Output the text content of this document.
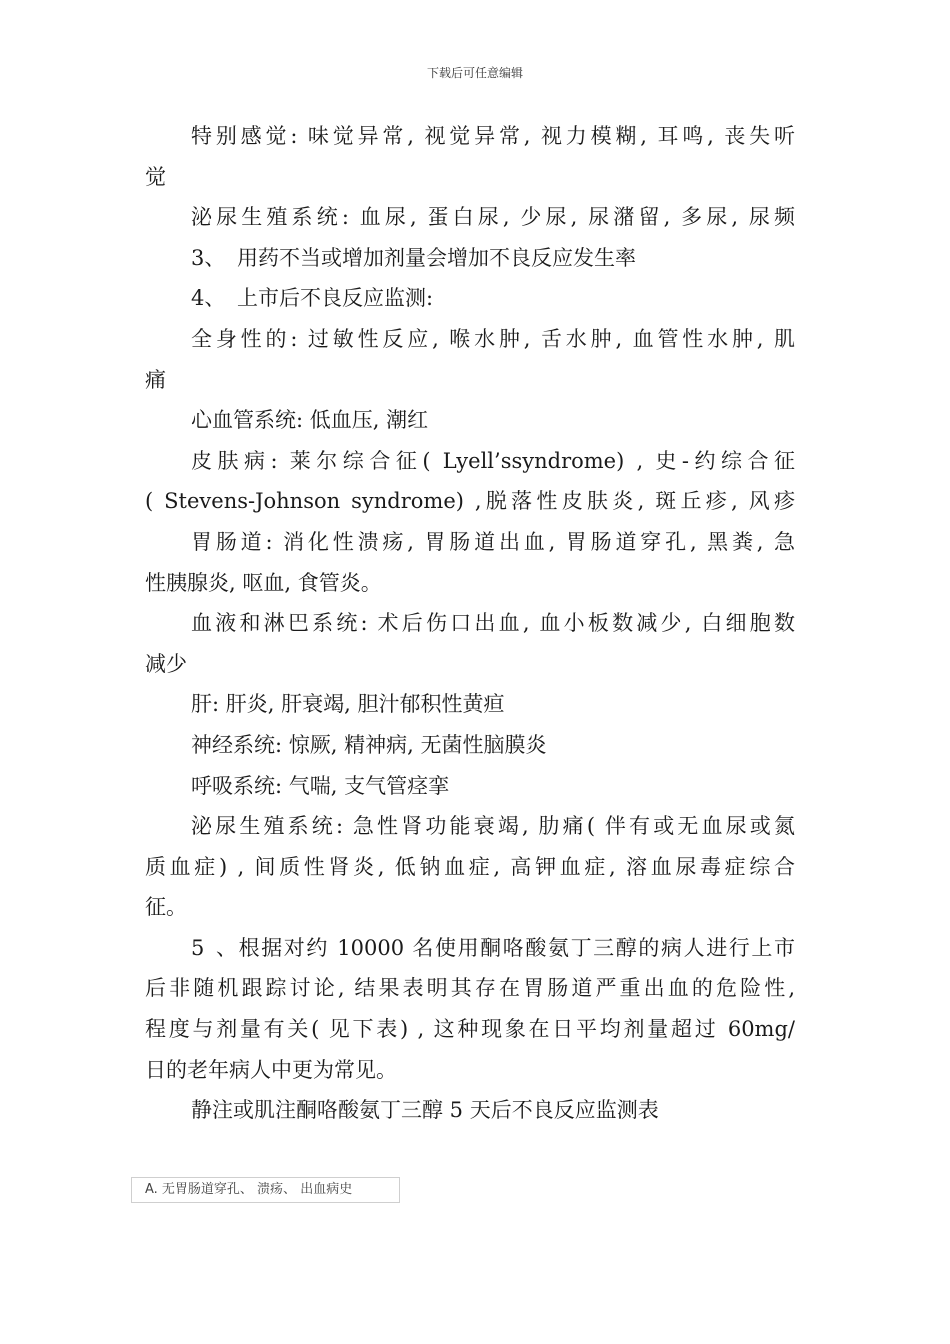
下载后可任意编辑
特别感觉: 味觉异常, 视觉异常, 视力模糊, 耳鸣, 丧失听
觉
泌尿生殖系统: 血尿, 蛋白尿, 少尿, 尿潴留, 多尿, 尿频
3、 用药不当或增加剂量会增加不良反应发生率
4、 上市后不良反应监测:
全身性的: 过敏性反应, 喉水肿, 舌水肿, 血管性水肿, 肌
痛
心血管系统: 低血压, 潮红
皮肤病: 莱尔综合征( Lyell’ssyndrome) , 史-约综合征
( Stevens-Johnson syndrome) ,脱落性皮肤炎, 斑丘疹, 风疹
胃肠道: 消化性溃疡, 胃肠道出血, 胃肠道穿孔, 黑粪, 急
性胰腺炎, 呕血, 食管炎。
血液和淋巴系统: 术后伤口出血, 血小板数减少, 白细胞数
减少
肝: 肝炎, 肝衰竭, 胆汁郁积性黄疸
神经系统: 惊厥, 精神病, 无菌性脑膜炎
呼吸系统: 气喘, 支气管痉挛
泌尿生殖系统: 急性肾功能衰竭, 肋痛( 伴有或无血尿或氮
质血症) , 间质性肾炎, 低钠血症, 高钾血症, 溶血尿毒症综合
征。
5、根据对约 10000 名使用酮咯酸氨丁三醇的病人进行上市
后非随机跟踪讨论, 结果表明其存在胃肠道严重出血的危险性,
程度与剂量有关( 见下表) , 这种现象在日平均剂量超过 60mg/
日的老年病人中更为常见。
静注或肌注酮咯酸氨丁三醇 5 天后不良反应监测表
A. 无胃肠道穿孔、 溃疡、 出血病史
